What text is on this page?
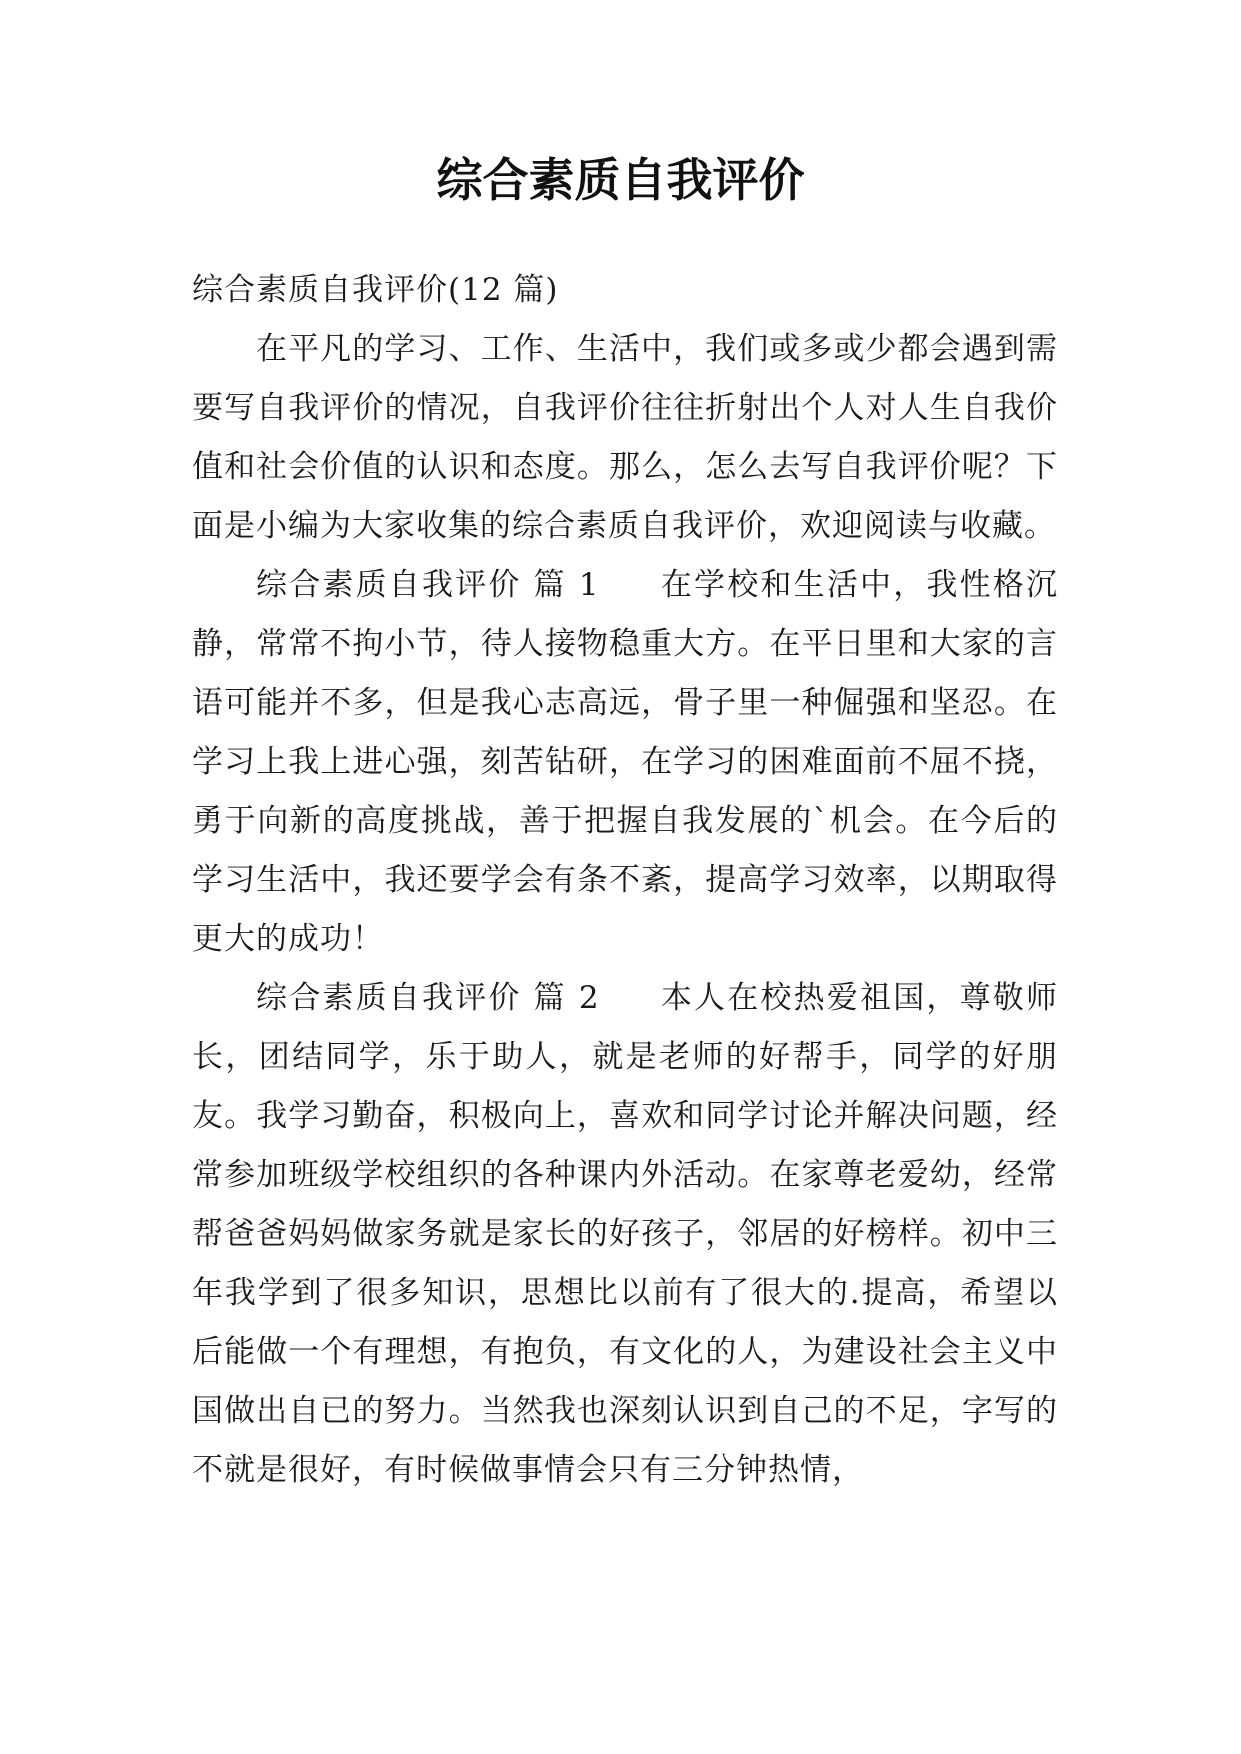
综合素质自我评价

综合素质自我评价(12 篇)

在平凡的学习、工作、生活中，我们或多或少都会遇到需要写自我评价的情况，自我评价往往折射出个人对人生自我价值和社会价值的认识和态度。那么，怎么去写自我评价呢？下面是小编为大家收集的综合素质自我评价，欢迎阅读与收藏。

综合素质自我评价 篇 1 在学校和生活中，我性格沉静，常常不拘小节，待人接物稳重大方。在平日里和大家的言语可能并不多，但是我心志高远，骨子里一种倔强和坚忍。在学习上我上进心强，刻苦钻研，在学习的困难面前不屈不挠，勇于向新的高度挑战，善于把握自我发展的`机会。在今后的学习生活中，我还要学会有条不紊，提高学习效率，以期取得更大的成功！

综合素质自我评价 篇 2 本人在校热爱祖国，尊敬师长，团结同学，乐于助人，就是老师的好帮手，同学的好朋友。我学习勤奋，积极向上，喜欢和同学讨论并解决问题，经常参加班级学校组织的各种课内外活动。在家尊老爱幼，经常帮爸爸妈妈做家务就是家长的好孩子，邻居的好榜样。初中三年我学到了很多知识，思想比以前有了很大的.提高，希望以后能做一个有理想，有抱负，有文化的人，为建设社会主义中国做出自已的努力。当然我也深刻认识到自己的不足，字写的不就是很好，有时候做事情会只有三分钟热情，
